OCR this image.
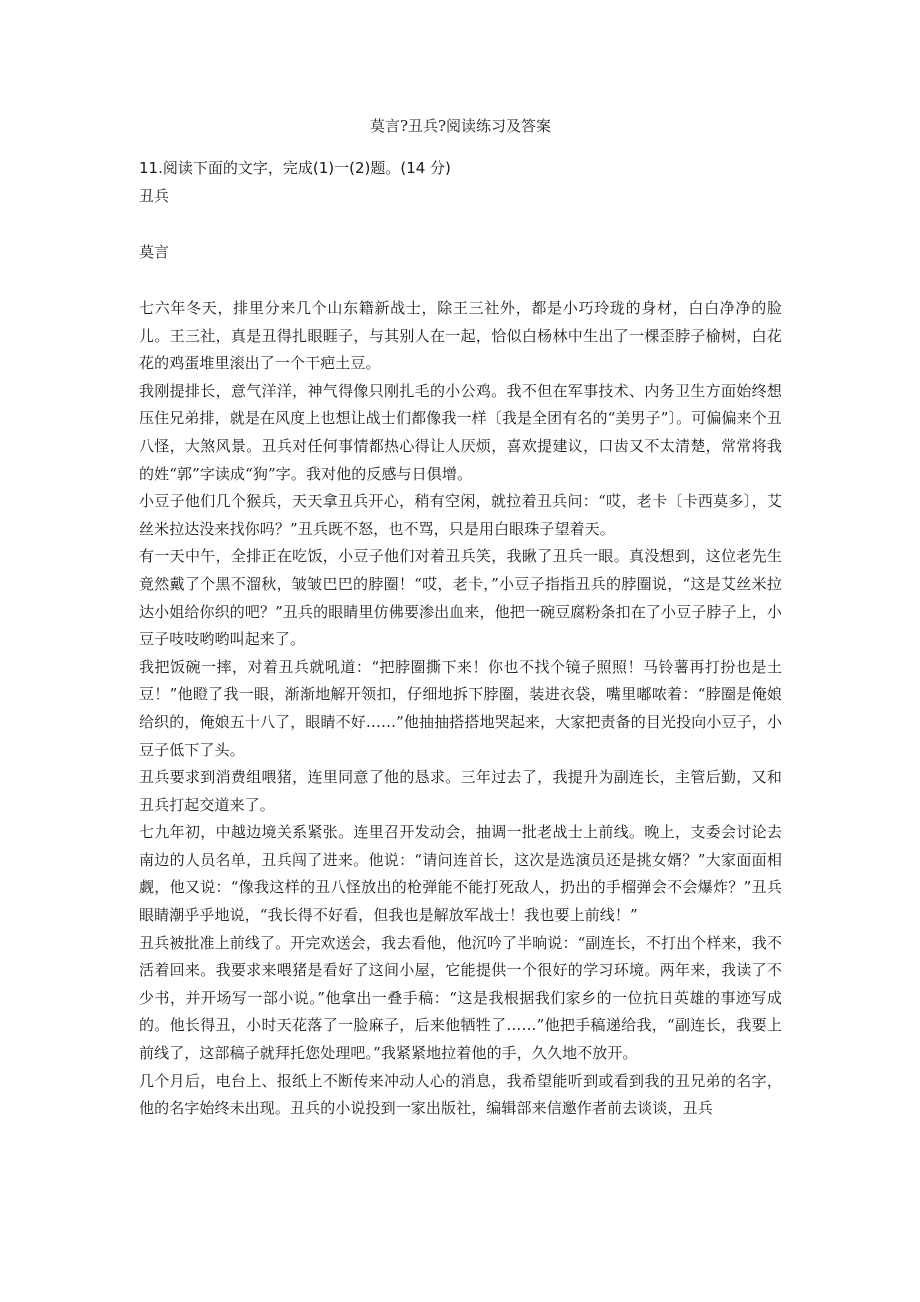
莫言?丑兵?阅读练习及答案
11.阅读下面的文字，完成(1)一(2)题。(14 分)
丑兵
莫言

七六年冬天，排里分来几个山东籍新战士，除王三社外，都是小巧玲珑的身材，白白净净的脸儿。王三社，真是丑得扎眼睚子，与其别人在一起，恰似白杨林中生出了一棵歪脖子榆树，白花花的鸡蛋堆里滚出了一个干疤土豆。

我刚提排长，意气洋洋，神气得像只刚扎毛的小公鸡。我不但在军事技术、内务卫生方面始终想压住兄弟排，就是在风度上也想让战士们都像我一样〔我是全团有名的“美男子”〕。可偏偏来个丑八怪，大煞风景。丑兵对任何事情都热心得让人厌烦，喜欢提建议，口齿又不太清楚，常常将我的姓“郭”字读成“狗”字。我对他的反感与日俱增。

小豆子他们几个猴兵，天天拿丑兵开心，稍有空闲，就拉着丑兵问：“哎，老卡〔卡西莫多〕，艾丝米拉达没来找你吗？”丑兵既不怒，也不骂，只是用白眼珠子望着天。

有一天中午，全排正在吃饭，小豆子他们对着丑兵笑，我瞅了丑兵一眼。真没想到，这位老先生竟然戴了个黑不溜秋，皱皱巴巴的脖圈！“哎，老卡，”小豆子指指丑兵的脖圈说，“这是艾丝米拉达小姐给你织的吧？”丑兵的眼睛里仿佛要渗出血来，他把一碗豆腐粉条扣在了小豆子脖子上，小豆子吱吱哟哟叫起来了。

我把饭碗一摔，对着丑兵就吼道：“把脖圈撕下来！你也不找个镜子照照！马铃薯再打扮也是土豆！”他瞪了我一眼，渐渐地解开领扣，仔细地拆下脖圈，装进衣袋，嘴里嘟哝着：“脖圈是俺娘给织的，俺娘五十八了，眼睛不好……”他抽抽搭搭地哭起来，大家把责备的目光投向小豆子，小豆子低下了头。

丑兵要求到消费组喂猪，连里同意了他的恳求。三年过去了，我提升为副连长，主管后勤，又和丑兵打起交道来了。

七九年初，中越边境关系紧张。连里召开发动会，抽调一批老战士上前线。晚上，支委会讨论去南边的人员名单，丑兵闯了进来。他说：“请问连首长，这次是选演员还是挑女婿？”大家面面相觑，他又说：“像我这样的丑八怪放出的枪弹能不能打死敌人，扔出的手榴弹会不会爆炸？”丑兵眼睛潮乎乎地说，“我长得不好看，但我也是解放军战士！我也要上前线！”

丑兵被批准上前线了。开完欢送会，我去看他，他沉吟了半晌说：“副连长，不打出个样来，我不活着回来。我要求来喂猪是看好了这间小屋，它能提供一个很好的学习环境。两年来，我读了不少书，并开场写一部小说。”他拿出一叠手稿：“这是我根据我们家乡的一位抗日英雄的事迹写成的。他长得丑，小时天花落了一脸麻子，后来他牺牲了……”他把手稿递给我，“副连长，我要上前线了，这部稿子就拜托您处理吧。”我紧紧地拉着他的手，久久地不放开。

几个月后，电台上、报纸上不断传来冲动人心的消息，我希望能听到或看到我的丑兄弟的名字，他的名字始终未出现。丑兵的小说投到一家出版社，编辑部来信邀作者前去谈谈，丑兵
